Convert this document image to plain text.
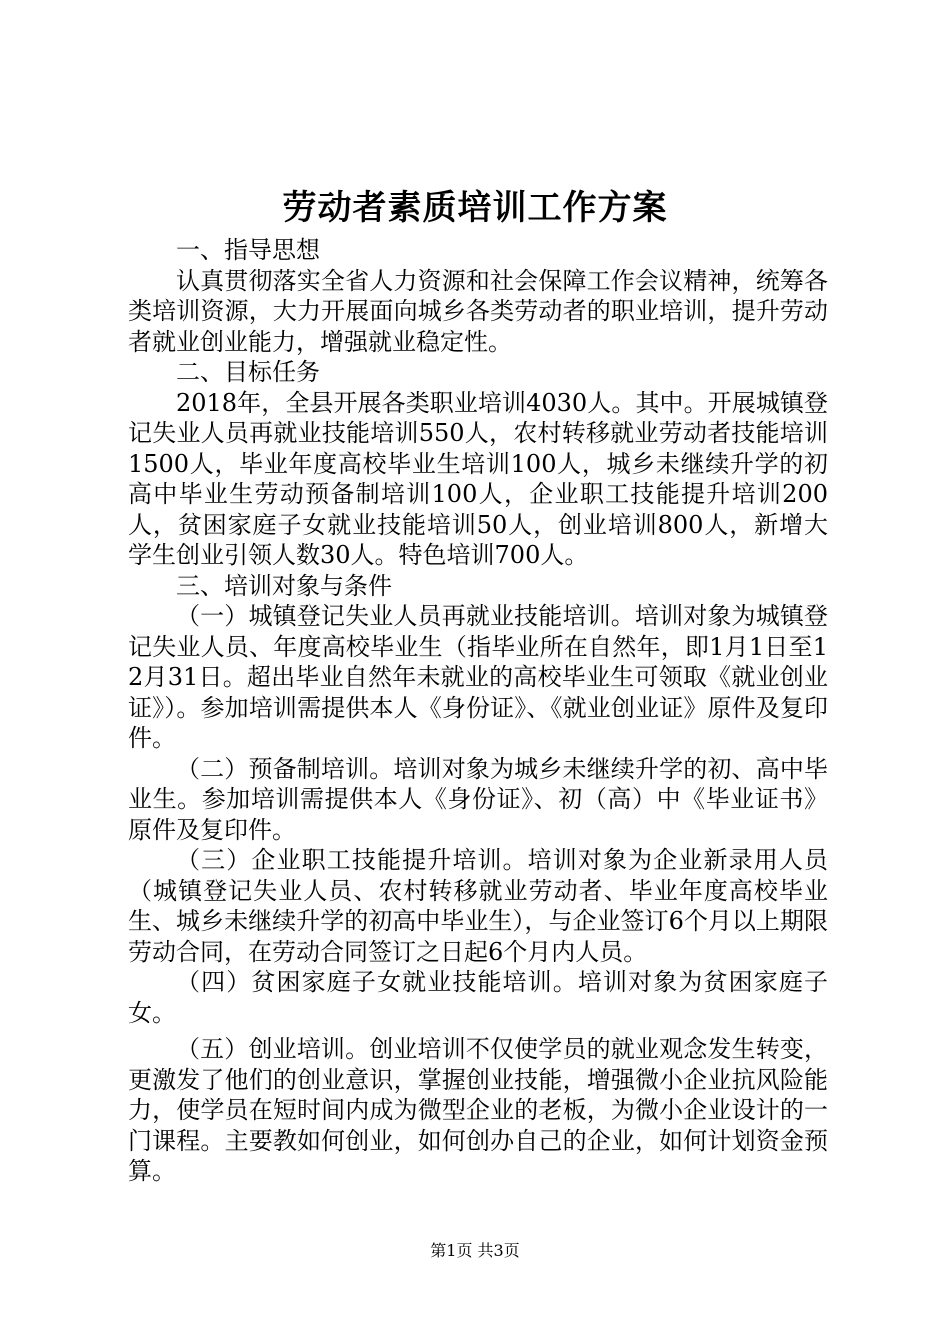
劳动者素质培训工作方案

一、指导思想

认真贯彻落实全省人力资源和社会保障工作会议精神，统筹各类培训资源，大力开展面向城乡各类劳动者的职业培训，提升劳动者就业创业能力，增强就业稳定性。

二、目标任务

2018年，全县开展各类职业培训4030人。其中。开展城镇登记失业人员再就业技能培训550人，农村转移就业劳动者技能培训1500人，毕业年度高校毕业生培训100人，城乡未继续升学的初高中毕业生劳动预备制培训100人，企业职工技能提升培训200人，贫困家庭子女就业技能培训50人，创业培训800人，新增大学生创业引领人数30人。特色培训700人。

三、培训对象与条件

（一）城镇登记失业人员再就业技能培训。培训对象为城镇登记失业人员、年度高校毕业生（指毕业所在自然年，即1月1日至12月31日。超出毕业自然年未就业的高校毕业生可领取《就业创业证》）。参加培训需提供本人《身份证》、《就业创业证》原件及复印件。

（二）预备制培训。培训对象为城乡未继续升学的初、高中毕业生。参加培训需提供本人《身份证》、初（高）中《毕业证书》原件及复印件。

（三）企业职工技能提升培训。培训对象为企业新录用人员（城镇登记失业人员、农村转移就业劳动者、毕业年度高校毕业生、城乡未继续升学的初高中毕业生），与企业签订6个月以上期限劳动合同，在劳动合同签订之日起6个月内人员。

（四）贫困家庭子女就业技能培训。培训对象为贫困家庭子女。

（五）创业培训。创业培训不仅使学员的就业观念发生转变，更激发了他们的创业意识，掌握创业技能，增强微小企业抗风险能力，使学员在短时间内成为微型企业的老板，为微小企业设计的一门课程。主要教如何创业，如何创办自己的企业，如何计划资金预算。

第1页 共3页
